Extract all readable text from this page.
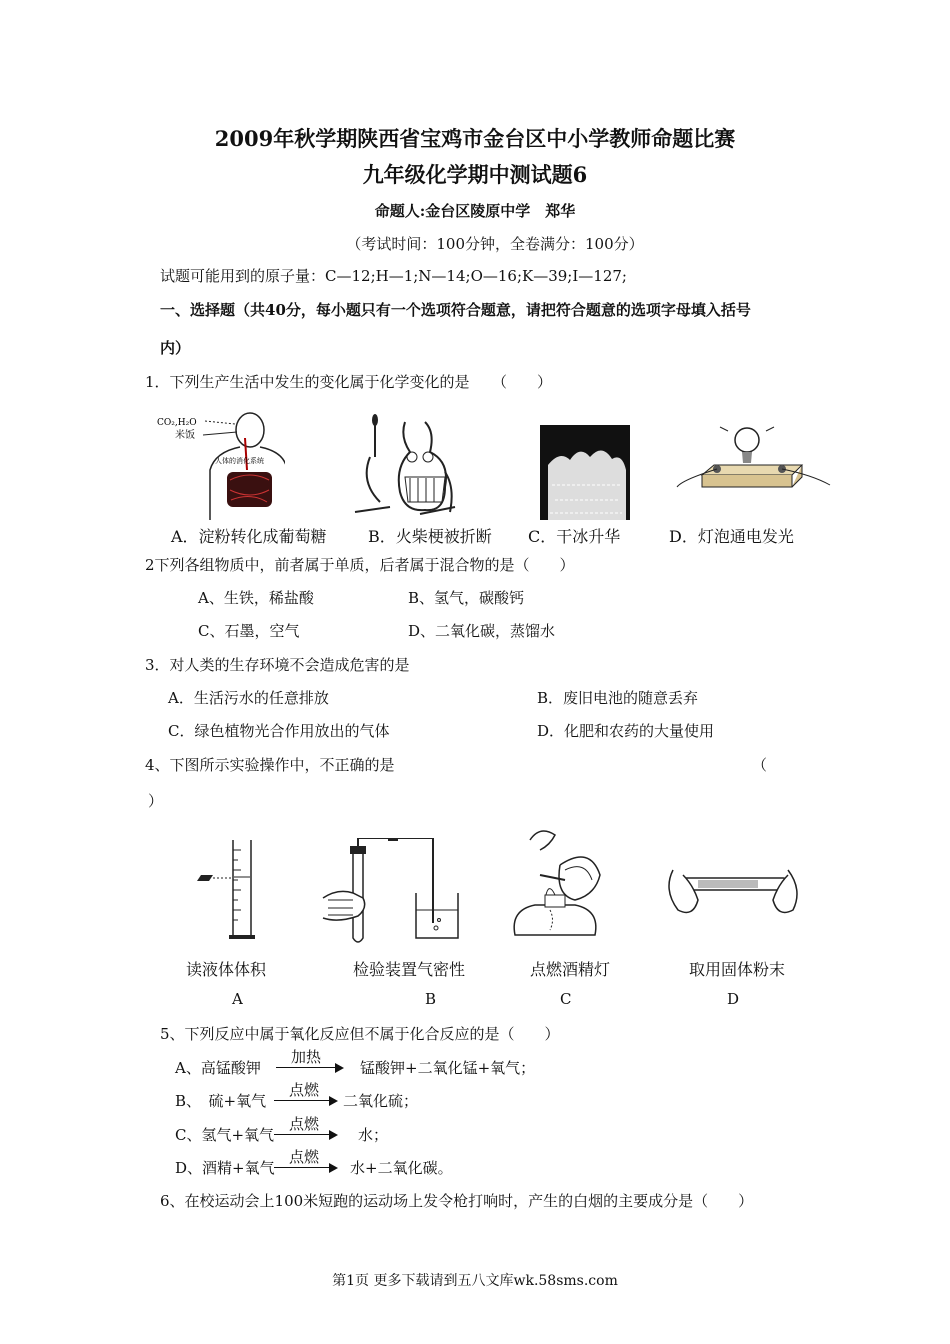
2009年秋学期陕西省宝鸡市金台区中小学教师命题比赛
九年级化学期中测试题6
命题人:金台区陵原中学　郑华
（考试时间：100分钟，全卷满分：100分）
试题可能用到的原子量：C—12;H—1;N—14;O—16;K—39;I—127;
一、选择题（共40分，每小题只有一个选项符合题意，请把符合题意的选项字母填入括号
内）
1．下列生产生活中发生的变化属于化学变化的是　　（　　）
CO₂,H₂O
米饭
人体的消化系统
A．淀粉转化成葡萄糖	B．火柴梗被折断 C．干冰升华	D．灯泡通电发光
2下列各组物质中，前者属于单质，后者属于混合物的是（　　）
A、生铁，稀盐酸	B、氢气，碳酸钙
C、石墨，空气	D、二氧化碳，蒸馏水
3．对人类的生存环境不会造成危害的是
A．生活污水的任意排放	B．废旧电池的随意丢弃
C．绿色植物光合作用放出的气体	D．化肥和农药的大量使用
4、下图所示实验操作中，不正确的是	（
）
读液体体积	检验装置气密性	点燃酒精灯	取用固体粉末
A	B	C	D
5、下列反应中属于氧化反应但不属于化合反应的是（　　）
A、高锰酸钾
加热
锰酸钾+二氧化锰+氧气；
B、　硫+氧气
点燃
二氧化硫；
C、氢气+氧气
点燃
水；
D、酒精+氧气
点燃
水+二氧化碳。
6、在校运动会上100米短跑的运动场上发令枪打响时，产生的白烟的主要成分是（　　）
第1页 更多下载请到五八文库wk.58sms.com
